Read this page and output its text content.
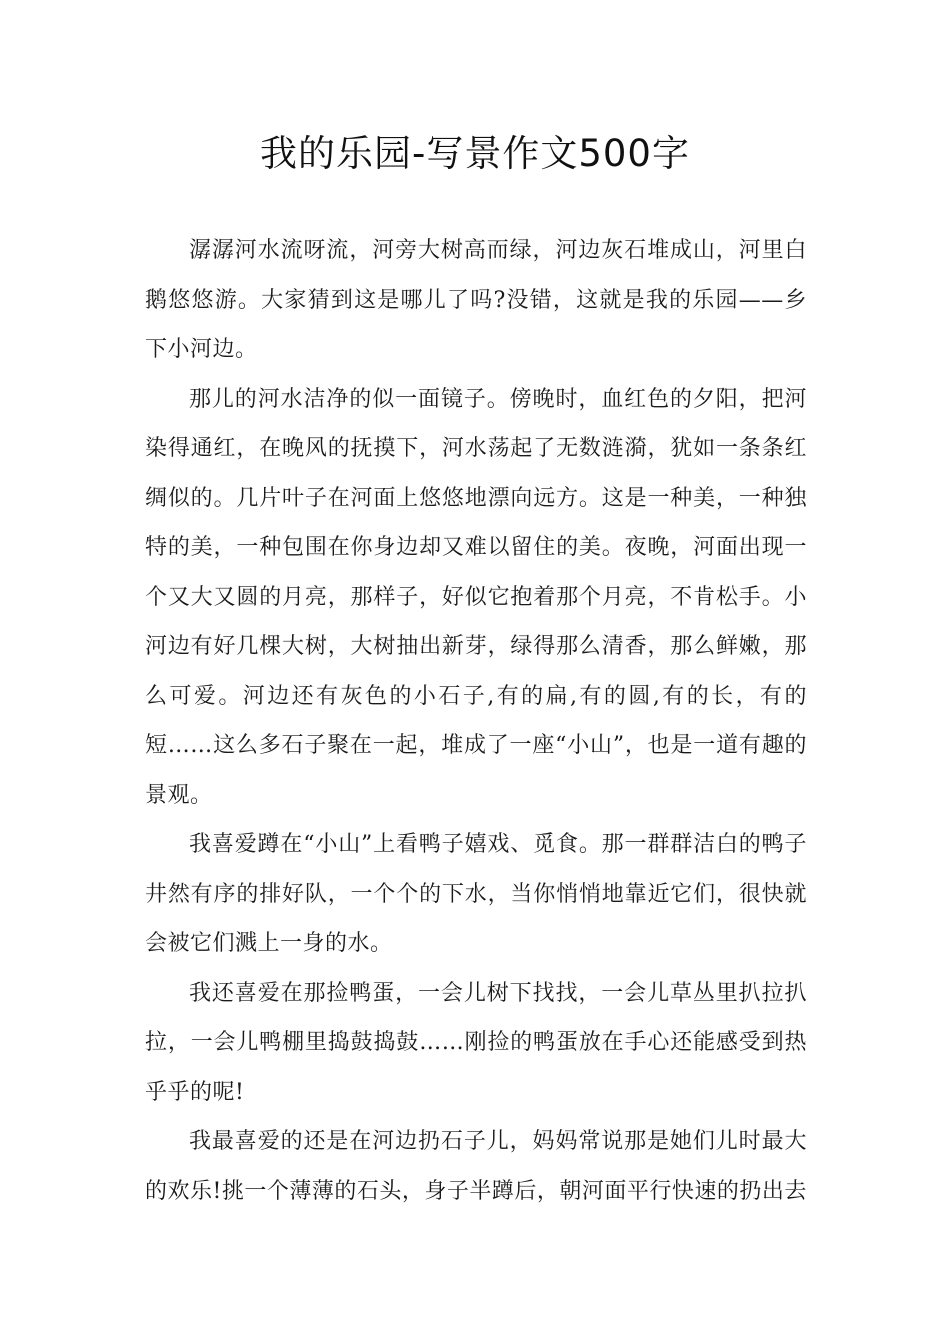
我的乐园-写景作文500字

潺潺河水流呀流，河旁大树高而绿，河边灰石堆成山，河里白鹅悠悠游。大家猜到这是哪儿了吗?没错，这就是我的乐园——乡下小河边。

那儿的河水洁净的似一面镜子。傍晚时，血红色的夕阳，把河染得通红，在晚风的抚摸下，河水荡起了无数涟漪，犹如一条条红绸似的。几片叶子在河面上悠悠地漂向远方。这是一种美，一种独特的美，一种包围在你身边却又难以留住的美。夜晚，河面出现一个又大又圆的月亮，那样子，好似它抱着那个月亮，不肯松手。小河边有好几棵大树，大树抽出新芽，绿得那么清香，那么鲜嫩，那么可爱。河边还有灰色的小石子,有的扁,有的圆,有的长，有的短……这么多石子聚在一起，堆成了一座“小山”，也是一道有趣的景观。

我喜爱蹲在“小山”上看鸭子嬉戏、觅食。那一群群洁白的鸭子井然有序的排好队，一个个的下水，当你悄悄地靠近它们，很快就会被它们溅上一身的水。

我还喜爱在那捡鸭蛋，一会儿树下找找，一会儿草丛里扒拉扒拉，一会儿鸭棚里捣鼓捣鼓……刚捡的鸭蛋放在手心还能感受到热乎乎的呢!

我最喜爱的还是在河边扔石子儿，妈妈常说那是她们儿时最大的欢乐!挑一个薄薄的石头，身子半蹲后，朝河面平行快速的扔出去
